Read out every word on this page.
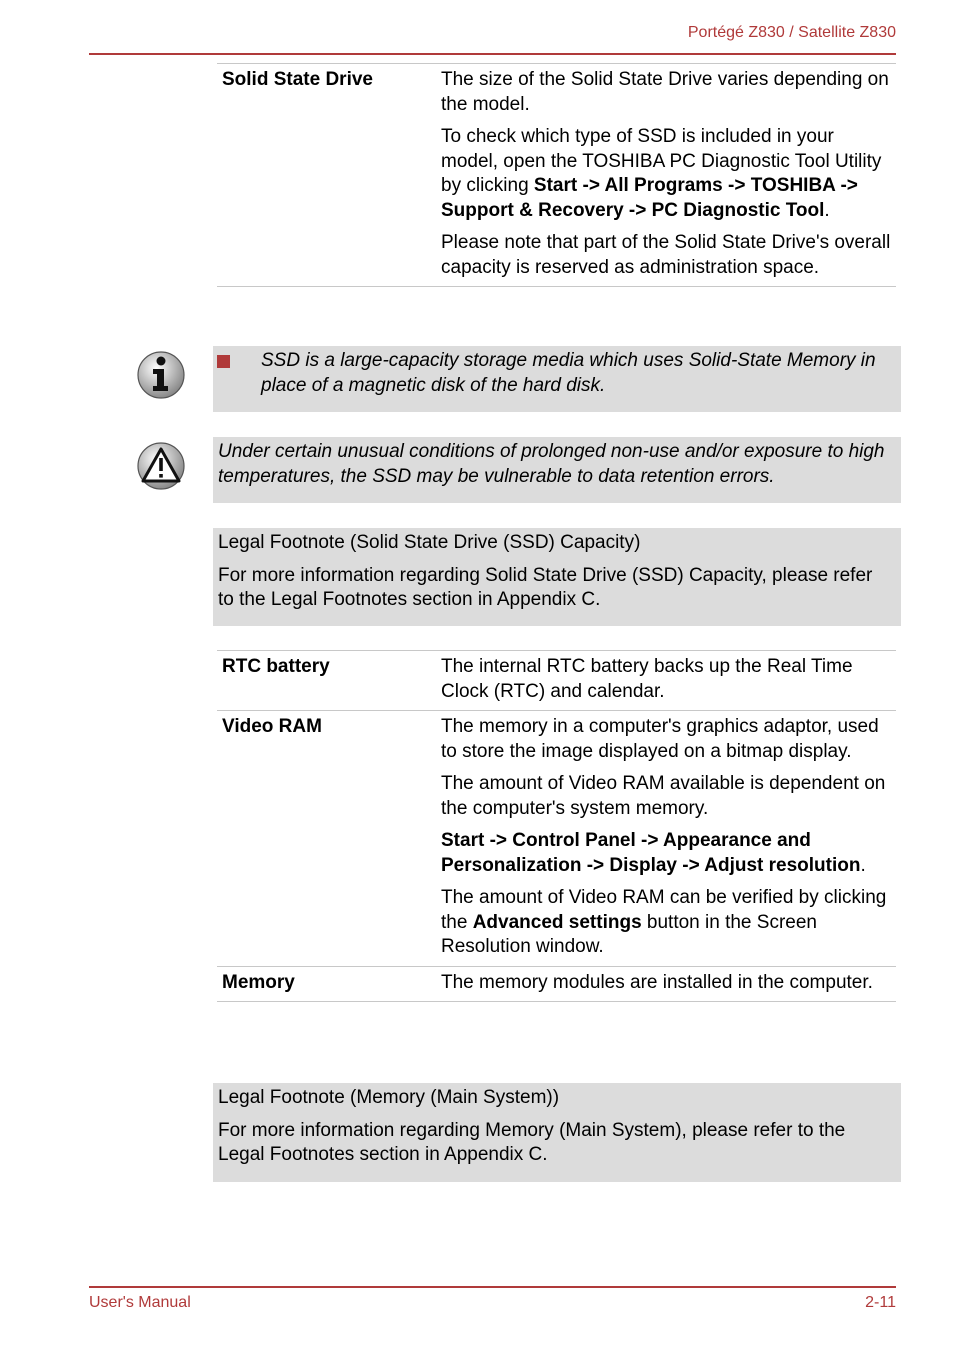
Portégé Z830 / Satellite Z830
Solid State Drive	The size of the Solid State Drive varies depending on the model.

To check which type of SSD is included in your model, open the TOSHIBA PC Diagnostic Tool Utility by clicking Start -> All Programs -> TOSHIBA -> Support & Recovery -> PC Diagnostic Tool.

Please note that part of the Solid State Drive's overall capacity is reserved as administration space.

SSD is a large-capacity storage media which uses Solid-State Memory in place of a magnetic disk of the hard disk.

Under certain unusual conditions of prolonged non-use and/or exposure to high temperatures, the SSD may be vulnerable to data retention errors.

Legal Footnote (Solid State Drive (SSD) Capacity)

For more information regarding Solid State Drive (SSD) Capacity, please refer to the Legal Footnotes section in Appendix C.

RTC battery	The internal RTC battery backs up the Real Time Clock (RTC) and calendar.

Video RAM	The memory in a computer's graphics adaptor, used to store the image displayed on a bitmap display.

The amount of Video RAM available is dependent on the computer's system memory.

Start -> Control Panel -> Appearance and Personalization -> Display -> Adjust resolution.

The amount of Video RAM can be verified by clicking the Advanced settings button in the Screen Resolution window.

Memory	The memory modules are installed in the computer.

Legal Footnote (Memory (Main System))

For more information regarding Memory (Main System), please refer to the Legal Footnotes section in Appendix C.

User's Manual	2-11
